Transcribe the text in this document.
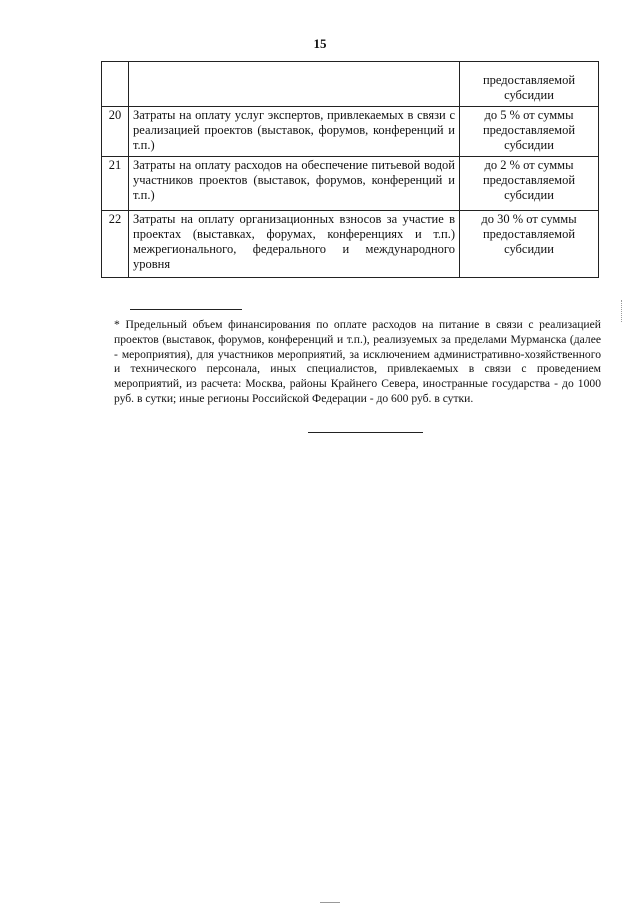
15
		предоставляемой субсидии
20	Затраты на оплату услуг экспертов, привлекаемых в связи с реализацией проектов (выставок, форумов, конференций и т.п.)	до 5 % от суммы предоставляемой субсидии
21	Затраты на оплату расходов на обеспечение питьевой водой участников проектов (выставок, форумов, конференций и т.п.)	до 2 % от суммы предоставляемой субсидии
22	Затраты на оплату организационных взносов за участие в проектах (выставках, форумах, конференциях и т.п.) межрегионального, федерального и международного уровня	до 30 % от суммы предоставляемой субсидии

* Предельный объем финансирования по оплате расходов на питание в связи с реализацией проектов (выставок, форумов, конференций и т.п.), реализуемых за пределами Мурманска (далее - мероприятия), для участников мероприятий, за исключением административно-хозяйственного и технического персонала, иных специалистов, привлекаемых в связи с проведением мероприятий, из расчета: Москва, районы Крайнего Севера, иностранные государства - до 1000 руб. в сутки; иные регионы Российской Федерации - до 600 руб. в сутки.
